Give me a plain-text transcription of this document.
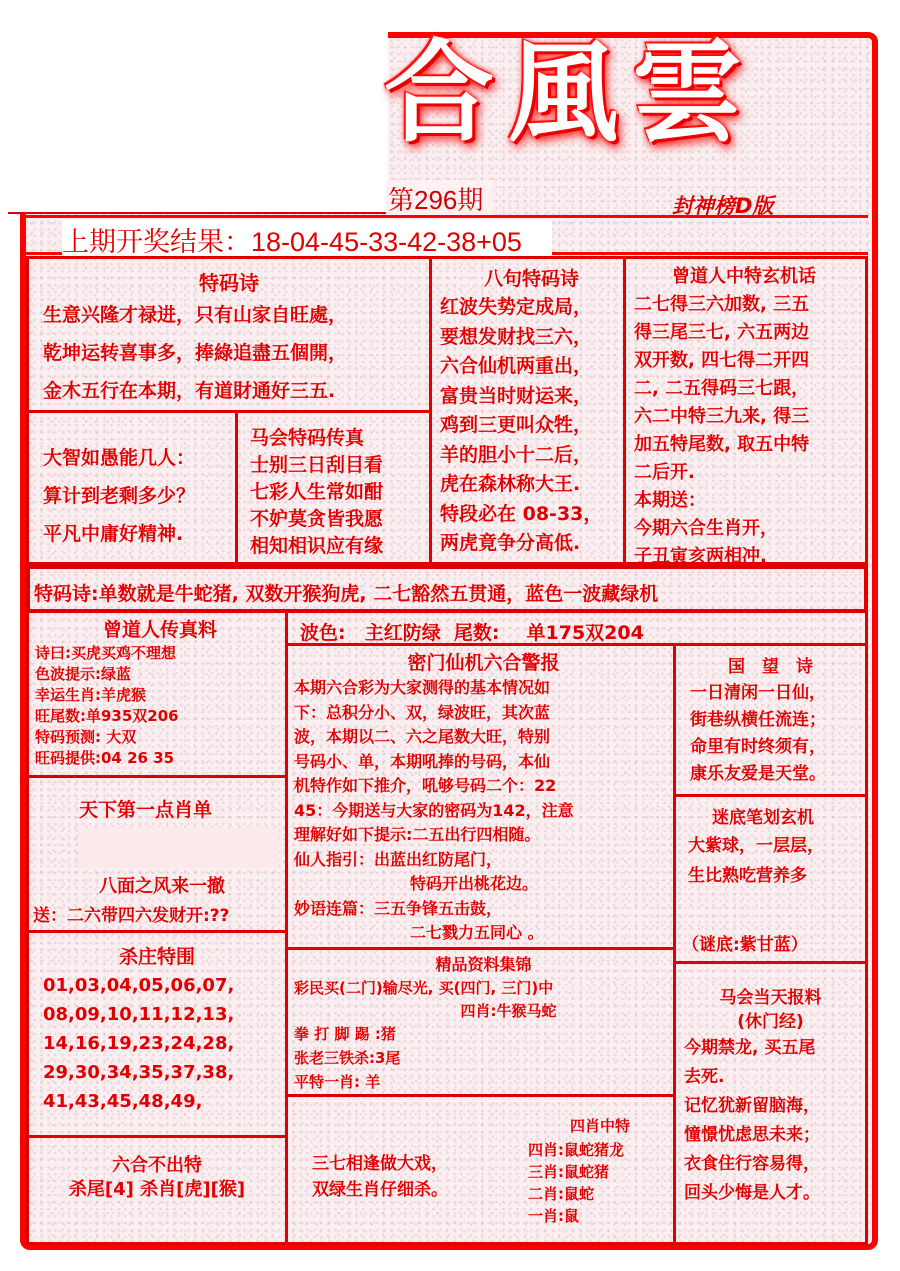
合風雲
第296期	封神榜D版
上期开奖结果：18-04-45-33-42-38+05
特码诗
生意兴隆才禄进，只有山家自旺處，
乾坤运转喜事多，捧綠追盡五個開，
金木五行在本期，有道財通好三五.
大智如愚能几人：
算计到老剩多少？
平凡中庸好精神.
马会特码传真
士别三日刮目看
七彩人生常如酣
不妒莫贪皆我愿
相知相识应有缘
八句特码诗
红波失势定成局，
要想发财找三六，
六合仙机两重出，
富贵当时财运来，
鸡到三更叫众牲，
羊的胆小十二后，
虎在森林称大王.
特段必在 08-33，
两虎竟争分高低.
曾道人中特玄机话
二七得三六加数, 三五
得三尾三七, 六五两边
双开数, 四七得二开四
二, 二五得码三七跟，
六二中特三九来, 得三
加五特尾数, 取五中特
二后开.
本期送：
今期六合生肖开，
子丑寅亥两相冲.
特码诗:单数就是牛蛇猪, 双数开猴狗虎, 二七豁然五贯通，蓝色一波藏绿机
曾道人传真料
诗曰:买虎买鸡不理想
色波提示:绿蓝
幸运生肖:羊虎猴
旺尾数:单935双206
特码预测: 大双
旺码提供:04 26 35
波色: 主红防绿 尾数: 单175双204
密门仙机六合警报
本期六合彩为大家测得的基本情况如
下：总积分小、双，绿波旺，其次蓝
波，本期以二、六之尾数大旺，特别
号码小、单，本期吼捧的号码，本仙
机特作如下推介，吼够号码二个：22
45：今期送与大家的密码为142，注意
理解好如下提示:二五出行四相随。
仙人指引：出蓝出红防尾门，
特码开出桃花边。
妙语连篇：三五争锋五击鼓，
二七戮力五同心 。
国　望　诗
一日清闲一日仙，
街巷纵横任流连；
命里有时终须有，
康乐友爱是天堂。
天下第一点肖单
八面之风来一撤
送：二六带四六发财开:??
迷底笔划玄机
大紫球，一层层，
生比熟吃营养多
（谜底:紫甘蓝）
杀庄特围
01,03,04,05,06,07,
08,09,10,11,12,13,
14,16,19,23,24,28,
29,30,34,35,37,38,
41,43,45,48,49,
精品资料集锦
彩民买(二门)输尽光, 买(四门, 三门)中
四肖:牛猴马蛇
拳 打 脚 踢 :猪
张老三铁杀:3尾
平特一肖: 羊
马会当天报料
(休门经)
今期禁龙, 买五尾
去死.
记忆犹新留脑海，
憧憬忧虑思未来；
衣食住行容易得，
回头少悔是人才。
三七相逢做大戏，
双绿生肖仔细杀。
四肖中特
四肖:鼠蛇猪龙
三肖:鼠蛇猪
二肖:鼠蛇
一肖:鼠
六合不出特
杀尾[4] 杀肖[虎][猴]
